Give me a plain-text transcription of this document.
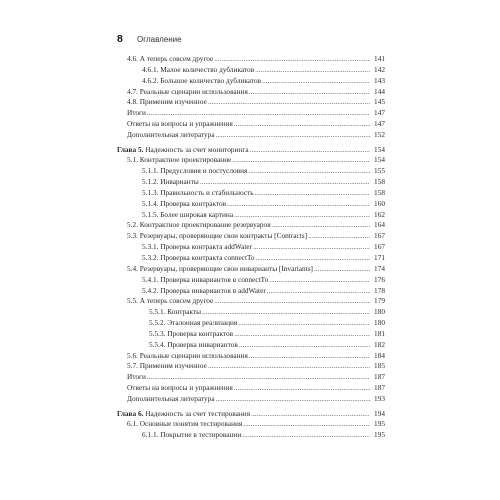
8	Оглавление
4.6. А теперь совсем другое .....	141
4.6.1. Малое количество дубликатов .....	142
4.6.2. Большое количество дубликатов .....	143
4.7. Реальные сценарии использования .....	144
4.8. Применим изученное .....	145
Итоги .....	147
Ответы на вопросы и упражнения .....	147
Дополнительная литература .....	152
Глава 5. Надежность за счет мониторинга .....	154
5.1. Контрактное проектирование .....	154
5.1.1. Предусловия и постусловия .....	155
5.1.2. Инварианты .....	158
5.1.3. Правильность и стабильность .....	158
5.1.4. Проверка контрактов .....	160
5.1.5. Более широкая картина .....	162
5.2. Контрактное проектирование резервуаров .....	164
5.3. Резервуары, проверяющие свои контракты [Contracts] .....	167
5.3.1. Проверка контракта addWater .....	167
5.3.2. Проверка контракта connectTo .....	171
5.4. Резервуары, проверяющие свои инварианты [Invariants] .....	174
5.4.1. Проверка инвариантов в connectTo .....	176
5.4.2. Проверка инвариантов в addWater .....	178
5.5. А теперь совсем другое .....	179
5.5.1. Контракты .....	180
5.5.2. Эталонная реализация .....	180
5.5.3. Проверка контрактов .....	181
5.5.4. Проверка инвариантов .....	182
5.6. Реальные сценарии использования .....	184
5.7. Применим изученное .....	185
Итоги .....	187
Ответы на вопросы и упражнения .....	187
Дополнительная литература .....	193
Глава 6. Надежность за счет тестирования .....	194
6.1. Основные понятия тестирования .....	195
6.1.1. Покрытие в тестировании .....	195
